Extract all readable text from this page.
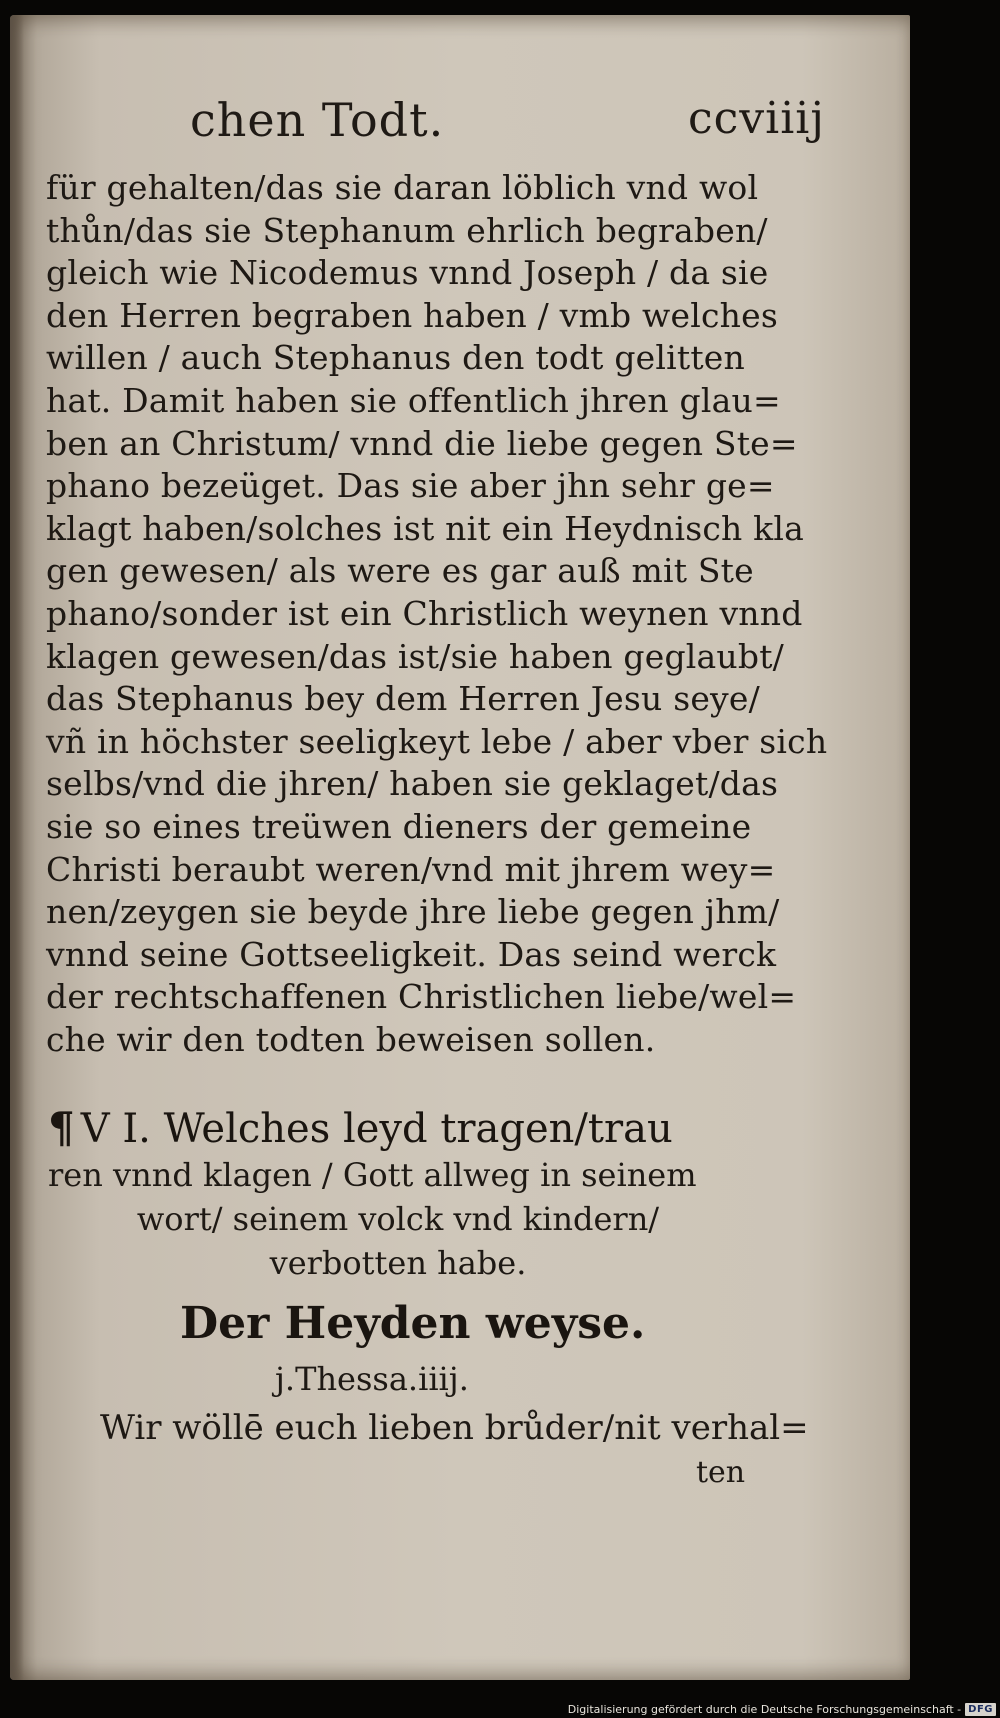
chen Todt.	ccviiij
für gehalten/das sie daran löblich vnd wol
thůn/das sie Stephanum ehrlich begraben/
gleich wie Nicodemus vnnd Joseph / da sie
den Herren begraben haben / vmb welches
willen / auch Stephanus den todt gelitten
hat. Damit haben sie offentlich jhren glau=
ben an Christum/ vnnd die liebe gegen Ste=
phano bezeüget. Das sie aber jhn sehr ge=
klagt haben/solches ist nit ein Heydnisch kla
gen gewesen/ als were es gar auß mit Ste
phano/sonder ist ein Christlich weynen vnnd
klagen gewesen/das ist/sie haben geglaubt/
das Stephanus bey dem Herren Jesu seye/
vñ in höchster seeligkeyt lebe / aber vber sich
selbs/vnd die jhren/ haben sie geklaget/das
sie so eines treüwen dieners der gemeine
Christi beraubt weren/vnd mit jhrem wey=
nen/zeygen sie beyde jhre liebe gegen jhm/
vnnd seine Gottseeligkeit. Das seind werck
der rechtschaffenen Christlichen liebe/wel=
che wir den todten beweisen sollen.
¶ V I. Welches leyd tragen/trau
ren vnnd klagen / Gott allweg in seinem
wort/ seinem volck vnd kindern/
verbotten habe.
Der Heyden weyse.
j.Thessa.iiij.
Wir wöllē euch lieben brůder/nit verhal=
ten
Digitalisierung gefördert durch die Deutsche Forschungsgemeinschaft - DFG
